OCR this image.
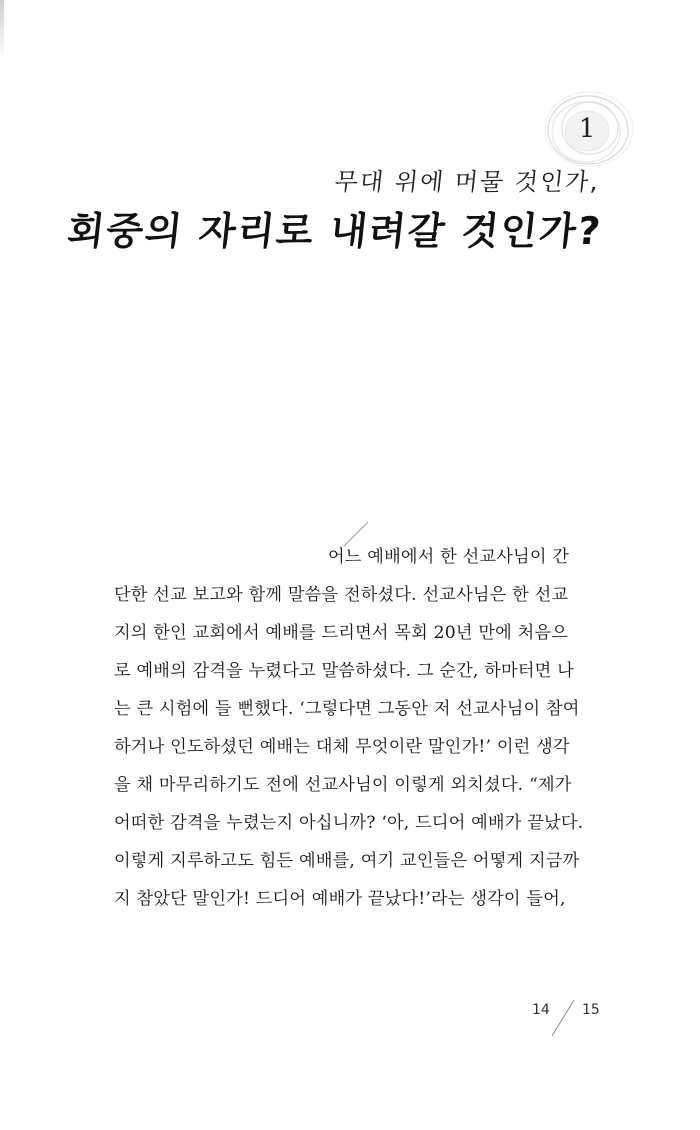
1
무대 위에 머물 것인가,
회중의 자리로 내려갈 것인가?
어느 예배에서 한 선교사님이 간
단한 선교 보고와 함께 말씀을 전하셨다. 선교사님은 한 선교
지의 한인 교회에서 예배를 드리면서 목회 20년 만에 처음으
로 예배의 감격을 누렸다고 말씀하셨다. 그 순간, 하마터면 나
는 큰 시험에 들 뻔했다. ‘그렇다면 그동안 저 선교사님이 참여
하거나 인도하셨던 예배는 대체 무엇이란 말인가!’ 이런 생각
을 채 마무리하기도 전에 선교사님이 이렇게 외치셨다. “제가
어떠한 감격을 누렸는지 아십니까? ‘아, 드디어 예배가 끝났다.
이렇게 지루하고도 힘든 예배를, 여기 교인들은 어떻게 지금까
지 참았단 말인가! 드디어 예배가 끝났다!’라는 생각이 들어,
14 15
